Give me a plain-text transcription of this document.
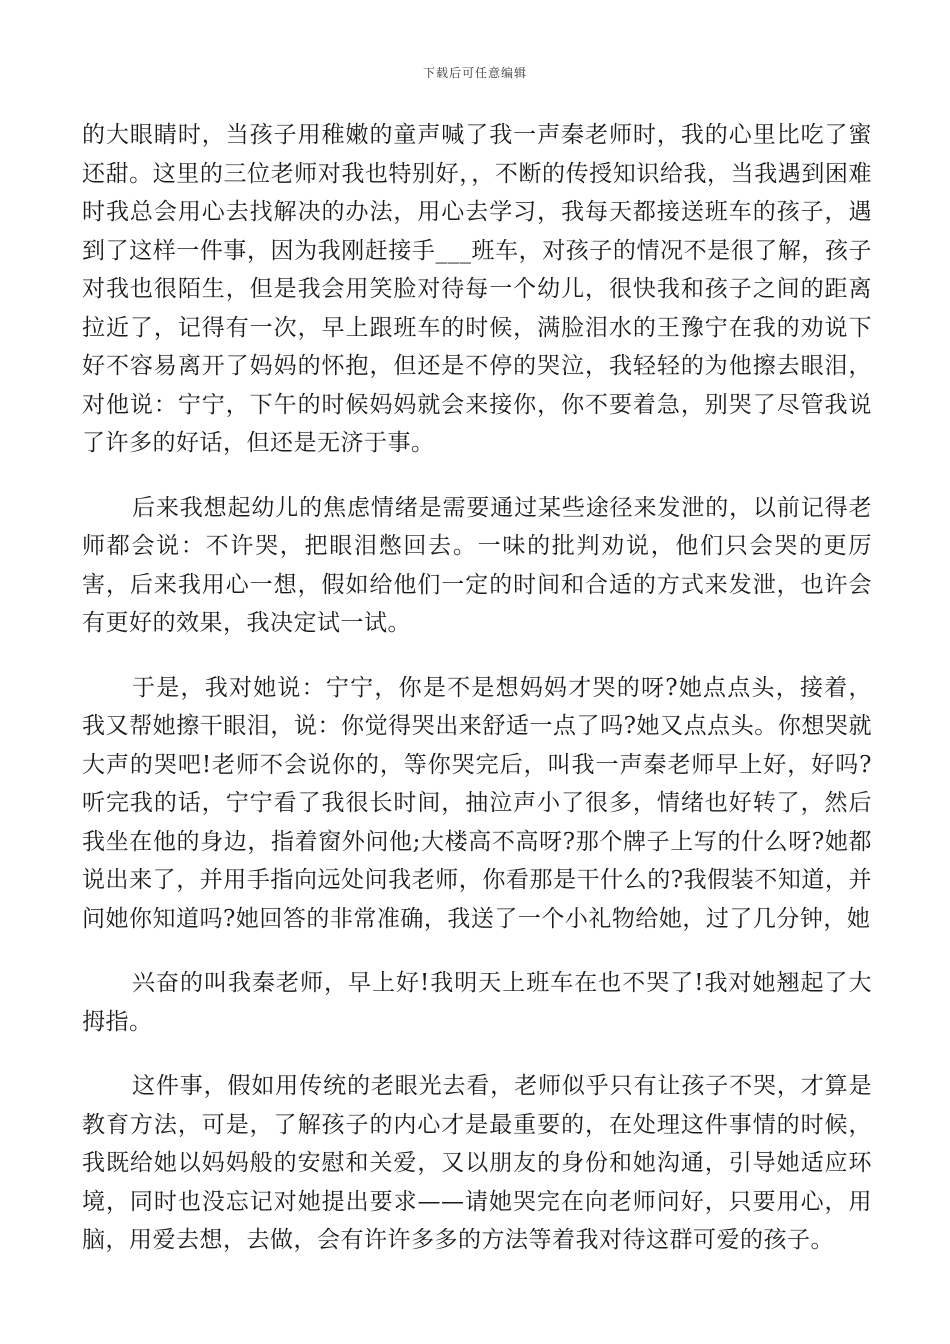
下载后可任意编辑

的大眼睛时，当孩子用稚嫩的童声喊了我一声秦老师时，我的心里比吃了蜜还甜。这里的三位老师对我也特别好，，不断的传授知识给我，当我遇到困难时我总会用心去找解决的办法，用心去学习，我每天都接送班车的孩子，遇到了这样一件事，因为我刚赶接手___班车，对孩子的情况不是很了解，孩子对我也很陌生，但是我会用笑脸对待每一个幼儿，很快我和孩子之间的距离拉近了，记得有一次，早上跟班车的时候，满脸泪水的王豫宁在我的劝说下好不容易离开了妈妈的怀抱，但还是不停的哭泣，我轻轻的为他擦去眼泪，对他说：宁宁，下午的时候妈妈就会来接你，你不要着急，别哭了尽管我说了许多的好话，但还是无济于事。

后来我想起幼儿的焦虑情绪是需要通过某些途径来发泄的，以前记得老师都会说：不许哭，把眼泪憋回去。一味的批判劝说，他们只会哭的更厉害，后来我用心一想，假如给他们一定的时间和合适的方式来发泄，也许会有更好的效果，我决定试一试。

于是，我对她说：宁宁，你是不是想妈妈才哭的呀?她点点头，接着，我又帮她擦干眼泪，说：你觉得哭出来舒适一点了吗?她又点点头。你想哭就大声的哭吧!老师不会说你的，等你哭完后，叫我一声秦老师早上好，好吗?听完我的话，宁宁看了我很长时间，抽泣声小了很多，情绪也好转了，然后我坐在他的身边，指着窗外问他;大楼高不高呀?那个牌子上写的什么呀?她都说出来了，并用手指向远处问我老师，你看那是干什么的?我假装不知道，并问她你知道吗?她回答的非常准确，我送了一个小礼物给她，过了几分钟，她

兴奋的叫我秦老师，早上好!我明天上班车在也不哭了!我对她翘起了大拇指。

这件事，假如用传统的老眼光去看，老师似乎只有让孩子不哭，才算是教育方法，可是，了解孩子的内心才是最重要的，在处理这件事情的时候，我既给她以妈妈般的安慰和关爱，又以朋友的身份和她沟通，引导她适应环境，同时也没忘记对她提出要求——请她哭完在向老师问好，只要用心，用脑，用爱去想，去做，会有许许多多的方法等着我对待这群可爱的孩子。
